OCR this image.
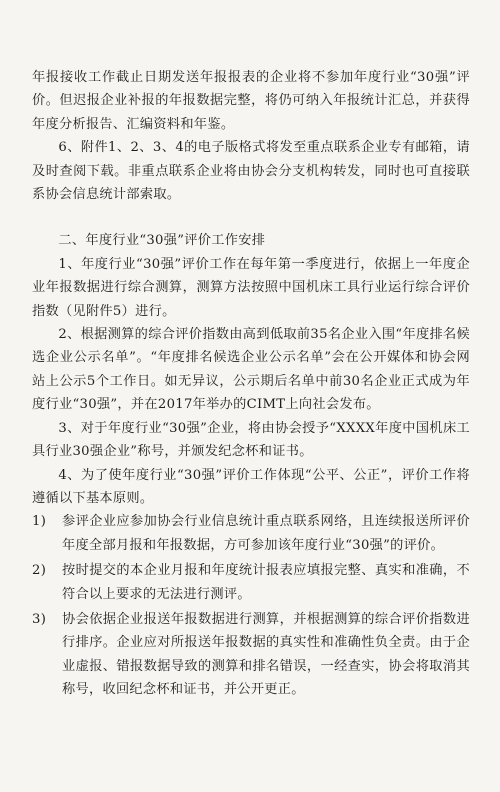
年报接收工作截止日期发送年报报表的企业将不参加年度行业“30强”评价。但迟报企业补报的年报数据完整，将仍可纳入年报统计汇总，并获得年度分析报告、汇编资料和年鉴。

6、附件1、2、3、4的电子版格式将发至重点联系企业专有邮箱，请及时查阅下载。非重点联系企业将由协会分支机构转发，同时也可直接联系协会信息统计部索取。

二、年度行业“30强”评价工作安排

1、年度行业“30强”评价工作在每年第一季度进行，依据上一年度企业年报数据进行综合测算，测算方法按照中国机床工具行业运行综合评价指数（见附件5）进行。

2、根据测算的综合评价指数由高到低取前35名企业入围“年度排名候选企业公示名单”。“年度排名候选企业公示名单”会在公开媒体和协会网站上公示5个工作日。如无异议，公示期后名单中前30名企业正式成为年度行业“30强”，并在2017年举办的CIMT上向社会发布。

3、对于年度行业“30强”企业，将由协会授予“XXXX年度中国机床工具行业30强企业”称号，并颁发纪念杯和证书。

4、为了使年度行业“30强”评价工作体现“公平、公正”，评价工作将遵循以下基本原则。

1)	参评企业应参加协会行业信息统计重点联系网络，且连续报送所评价年度全部月报和年报数据，方可参加该年度行业“30强”的评价。
2)	按时提交的本企业月报和年度统计报表应填报完整、真实和准确，不符合以上要求的无法进行测评。
3)	协会依据企业报送年报数据进行测算，并根据测算的综合评价指数进行排序。企业应对所报送年报数据的真实性和准确性负全责。由于企业虚报、错报数据导致的测算和排名错误，一经查实，协会将取消其称号，收回纪念杯和证书，并公开更正。
